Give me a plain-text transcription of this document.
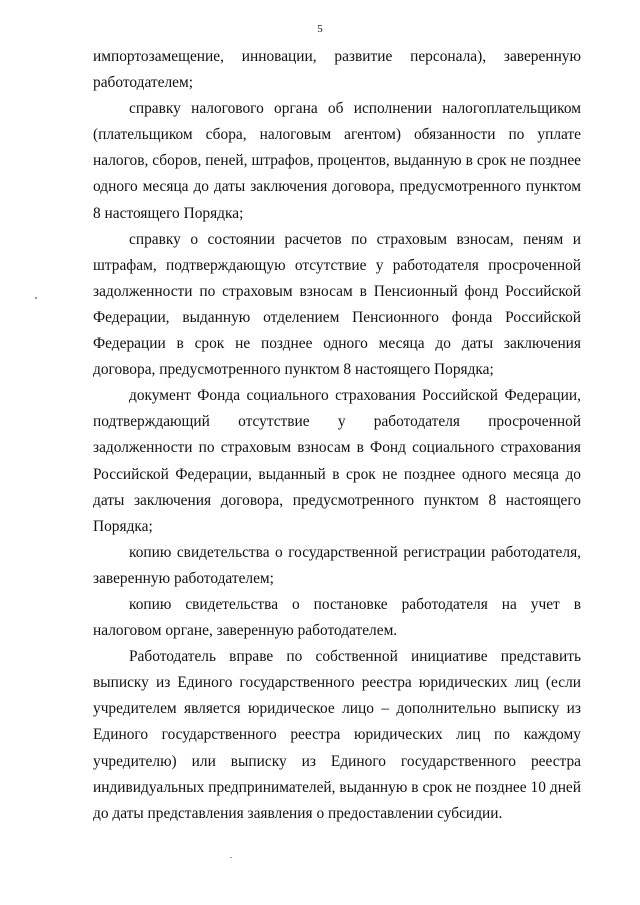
5

импортозамещение, инновации, развитие персонала), заверенную работодателем;

справку налогового органа об исполнении налогоплательщиком (плательщиком сбора, налоговым агентом) обязанности по уплате налогов, сборов, пеней, штрафов, процентов, выданную в срок не позднее одного месяца до даты заключения договора, предусмотренного пунктом 8 настоящего Порядка;

справку о состоянии расчетов по страховым взносам, пеням и штрафам, подтверждающую отсутствие у работодателя просроченной задолженности по страховым взносам в Пенсионный фонд Российской Федерации, выданную отделением Пенсионного фонда Российской Федерации в срок не позднее одного месяца до даты заключения договора, предусмотренного пунктом 8 настоящего Порядка;

документ Фонда социального страхования Российской Федерации, подтверждающий отсутствие у работодателя просроченной задолженности по страховым взносам в Фонд социального страхования Российской Федерации, выданный в срок не позднее одного месяца до даты заключения договора, предусмотренного пунктом 8 настоящего Порядка;

копию свидетельства о государственной регистрации работодателя, заверенную работодателем;

копию свидетельства о постановке работодателя на учет в налоговом органе, заверенную работодателем.

Работодатель вправе по собственной инициативе представить выписку из Единого государственного реестра юридических лиц (если учредителем является юридическое лицо – дополнительно выписку из Единого государственного реестра юридических лиц по каждому учредителю) или выписку из Единого государственного реестра индивидуальных предпринимателей, выданную в срок не позднее 10 дней до даты представления заявления о предоставлении субсидии.
